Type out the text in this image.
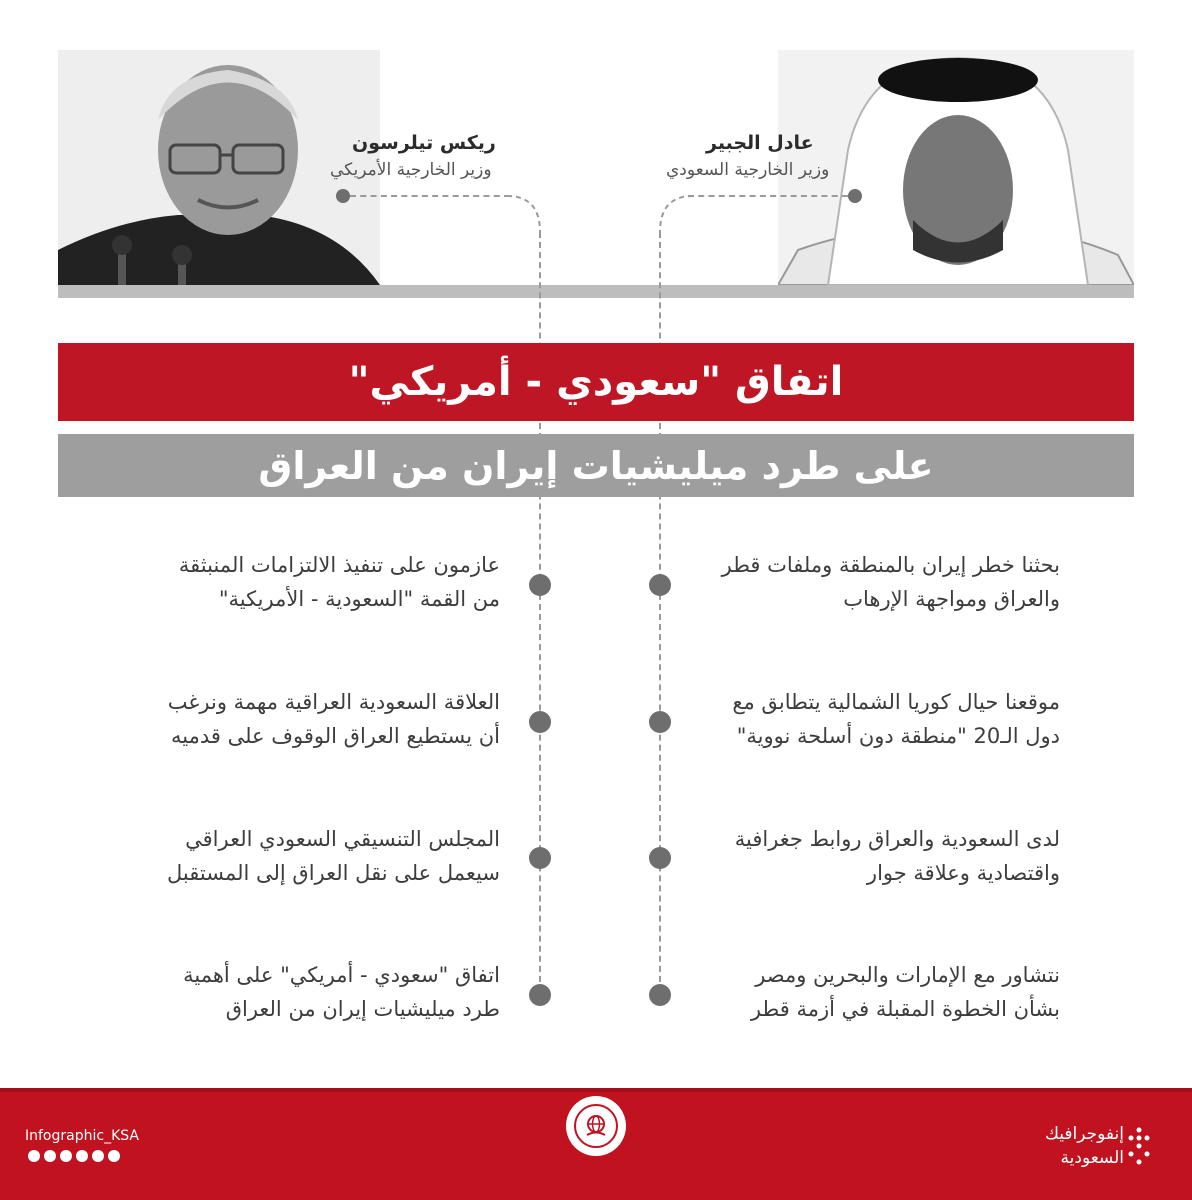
ريكس تيلرسون
وزير الخارجية الأمريكي
عادل الجبير
وزير الخارجية السعودي
اتفاق "سعودي - أمريكي"
على طرد ميليشيات إيران من العراق
عازمون على تنفيذ الالتزامات المنبثقة
من القمة "السعودية - الأمريكية"
العلاقة السعودية العراقية مهمة ونرغب
أن يستطيع العراق الوقوف على قدميه
المجلس التنسيقي السعودي العراقي
سيعمل على نقل العراق إلى المستقبل
اتفاق "سعودي - أمريكي" على أهمية
طرد ميليشيات إيران من العراق
بحثنا خطر إيران بالمنطقة وملفات قطر
والعراق ومواجهة الإرهاب
موقعنا حيال كوريا الشمالية يتطابق مع
دول الـ20 "منطقة دون أسلحة نووية"
لدى السعودية والعراق روابط جغرافية
واقتصادية وعلاقة جوار
نتشاور مع الإمارات والبحرين ومصر
بشأن الخطوة المقبلة في أزمة قطر
Infographic_KSA	إنفوجرافيك
السعودية
